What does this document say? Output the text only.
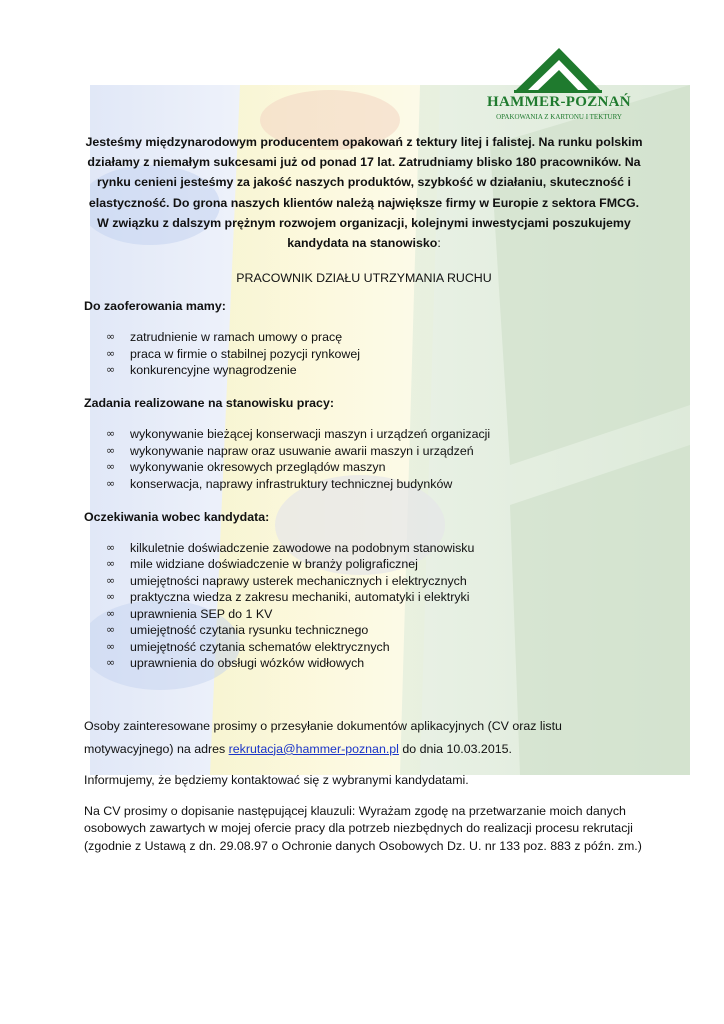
HAMMER-POZNAŃ
OPAKOWANIA Z KARTONU I TEKTURY

Jesteśmy międzynarodowym producentem opakowań z tektury litej i falistej. Na runku polskim działamy z niemałym sukcesami już od ponad 17 lat. Zatrudniamy blisko 180 pracowników. Na rynku cenieni jesteśmy za jakość naszych produktów, szybkość w działaniu, skuteczność i elastyczność. Do grona naszych klientów należą największe firmy w Europie z sektora FMCG. W związku z dalszym prężnym rozwojem organizacji, kolejnymi inwestycjami poszukujemy kandydata na stanowisko:

PRACOWNIK DZIAŁU UTRZYMANIA RUCHU

Do zaoferowania mamy:

∞ zatrudnienie w ramach umowy o pracę
∞ praca w firmie o stabilnej pozycji rynkowej
∞ konkurencyjne wynagrodzenie

Zadania realizowane na stanowisku pracy:

∞ wykonywanie bieżącej konserwacji maszyn i urządzeń organizacji
∞ wykonywanie napraw oraz usuwanie awarii maszyn i urządzeń
∞ wykonywanie okresowych przeglądów maszyn
∞ konserwacja, naprawy infrastruktury technicznej budynków

Oczekiwania wobec kandydata:

∞ kilkuletnie doświadczenie zawodowe na podobnym stanowisku
∞ mile widziane doświadczenie w branży poligraficznej
∞ umiejętności naprawy usterek mechanicznych i elektrycznych
∞ praktyczna wiedza z zakresu mechaniki, automatyki i elektryki
∞ uprawnienia SEP do 1 KV
∞ umiejętność czytania rysunku technicznego
∞ umiejętność czytania schematów elektrycznych
∞ uprawnienia do obsługi wózków widłowych

Osoby zainteresowane prosimy o przesyłanie dokumentów aplikacyjnych (CV oraz listu

motywacyjnego) na adres rekrutacja@hammer-poznan.pl do dnia 10.03.2015.

Informujemy, że będziemy kontaktować się z wybranymi kandydatami.

Na CV prosimy o dopisanie następującej klauzuli: Wyrażam zgodę na przetwarzanie moich danych osobowych zawartych w mojej ofercie pracy dla potrzeb niezbędnych do realizacji procesu rekrutacji (zgodnie z Ustawą z dn. 29.08.97 o Ochronie danych Osobowych Dz. U. nr 133 poz. 883 z późn. zm.)
